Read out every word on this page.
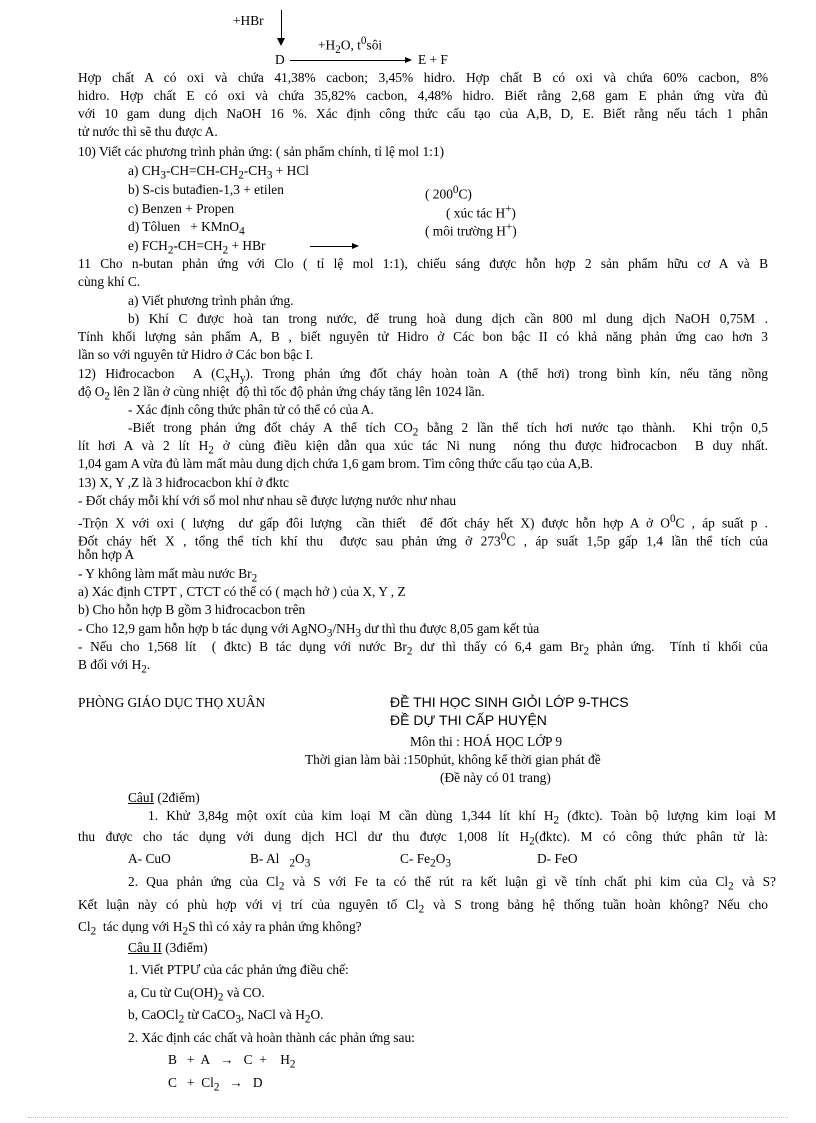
+HBr
$+H_2O$, $t^0sôi$
D	E + F
Hợp chất A có oxi và chứa 41,38% cacbon; 3,45% hidro. Hợp chất B có oxi và chứa 60% cacbon, 8%
hidro. Hợp chất E có oxi và chứa 35,82% cacbon, 4,48% hidro. Biết rằng 2,68 gam E phản ứng vừa đủ
với 10 gam dung dịch NaOH 16 %. Xác định công thức cấu tạo của A,B, D, E. Biết rằng nếu tách 1 phân
tử nước thì sẽ thu được A.
10) Viết các phương trình phản ứng: ( sản phẩm chính, tỉ lệ mol 1:1)
a) $CH_3-CH=CH-CH_2-CH_3$ + HCl
b) S-cis butađien-1,3 + etilen	( $200^0C$)
c) Benzen + Propen	( xúc tác H+)
d) Tôluen   + KMnO$_4$	( môi trường H+)
e) $FCH_2-CH=CH_2$ + HBr
11 Cho n-butan phản ứng với Clo ( tỉ lệ mol 1:1), chiếu sáng được hỗn hợp 2 sản phẩm hữu cơ A và B
cùng khí C.
a) Viết phương trình phản ứng.
b) Khí C được hoà tan trong nước, để trung hoà dung dịch cần 800 ml dung dịch NaOH 0,75M .
Tính khối lượng sản phẩm A, B , biết nguyên tử Hidro ở Các bon bậc II có khả năng phản ứng cao hơn 3
lần so với nguyên tử Hidro ở Các bon bậc I.
12) Hiđrocacbon  A $(C_xH_y)$. Trong phản ứng đốt cháy hoàn toàn A (thể hơi) trong bình kín, nếu tăng nồng
độ $O_2$ lên 2 lần ở cùng nhiệt  độ thì tốc độ phản ứng cháy tăng lên 1024 lần.
- Xác định công thức phân tử có thể có của A.
-Biết trong phản ứng đốt cháy A thể tích $CO_2$ bằng 2 lần thể tích hơi nước tạo thành.  Khi trộn 0,5
lít hơi A và 2 lít $H_2$ ở cùng điều kiện dẫn qua xúc tác Ni nung  nóng thu được hiđrocacbon  B duy nhất.
1,04 gam A vừa đủ làm mất màu dung dịch chứa 1,6 gam brom. Tìm công thức cấu tạo của A,B.
13) X, Y ,Z là 3 hiđrocacbon khí ở đktc
- Đốt cháy mỗi khí với số mol như nhau sẽ được lượng nước như nhau
-Trộn X với oxi ( lượng  dư gấp đôi lượng  cần thiết  để đốt cháy hết X) được hỗn hợp A ở $O^0C$ , áp suất p .
Đốt cháy hết X , tổng thể tích khí thu  được sau phản ứng ở $273^0C$ , áp suất 1,5p gấp 1,4 lần thể tích của
hỗn hợp A
- Y không làm mất màu nước $Br_2$
a) Xác định CTPT , CTCT có thể có ( mạch hở ) của X, Y , Z
b) Cho hỗn hợp B gồm 3 hiđrocacbon trên
- Cho 12,9 gam hỗn hợp b tác dụng với $AgNO_3/NH_3$ dư thì thu được 8,05 gam kết tủa
- Nếu cho 1,568 lít  ( đktc) B tác dụng với nước $Br_2$ dư thì thấy có 6,4 gam $Br_2$ phản ứng.  Tính tỉ khối của
B đối với $H_2$.
PHÒNG GIÁO DỤC THỌ XUÂN	ĐỀ THI HỌC SINH GIỎI LỚP 9-THCS
ĐỀ DỰ THI CẤP HUYỆN
Môn thi : HOÁ HỌC LỚP 9
Thời gian làm bài :150phút, không kể thời gian phát đề
(Đề này có 01 trang)
CâuI (2điểm)
1. Khử 3,84g một oxít của kim loại M cần dùng 1,344 lít khí $H_2$ (đktc). Toàn bộ lượng kim loại M
thu được cho tác dụng với dung dịch HCl dư thu được 1,008 lít $H_2(đktc)$. M có công thức phân tử là:
A- CuO	B- Al   $_2O_3$	C- $Fe_2O_3$	D- FeO
2. Qua phản ứng của $Cl_2$ và S với Fe ta có thể rút ra kết luận gì về tính chất phi kim của $Cl_2$ và S?
Kết luận này có phù hợp với vị trí của nguyên tố $Cl_2$ và S trong bảng hệ thống tuần hoàn không? Nếu cho
$Cl_2$  tác dụng với $H_2S$ thì có xảy ra phản ứng không?
Câu II (3điểm)
1. Viết PTPƯ của các phản ứng điều chế:
a, Cu từ $Cu(OH)_2$ và CO.
b, CaOCl$_2$ từ CaCO$_3$, NaCl và $H_2O$.
2. Xác định các chất và hoàn thành các phản ứng sau:
B   +  A   →   C  +    $H_2$
$C + Cl_2 \to D$
